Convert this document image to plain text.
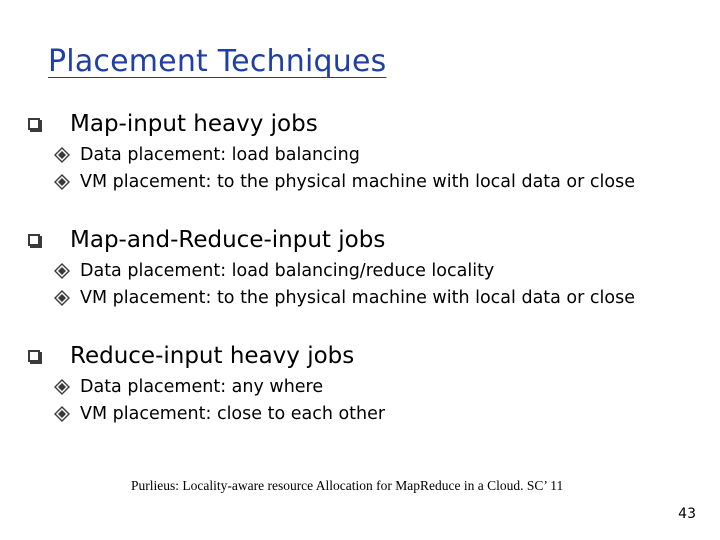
Placement Techniques
Map-input heavy jobs
Data placement: load balancing
VM placement: to the physical machine with local data or close
Map-and-Reduce-input jobs
Data placement: load balancing/reduce locality
VM placement: to the physical machine with local data or close
Reduce-input heavy jobs
Data placement: any where
VM placement: close to each other
Purlieus: Locality-aware resource Allocation for MapReduce in a Cloud. SC’ 11
43
